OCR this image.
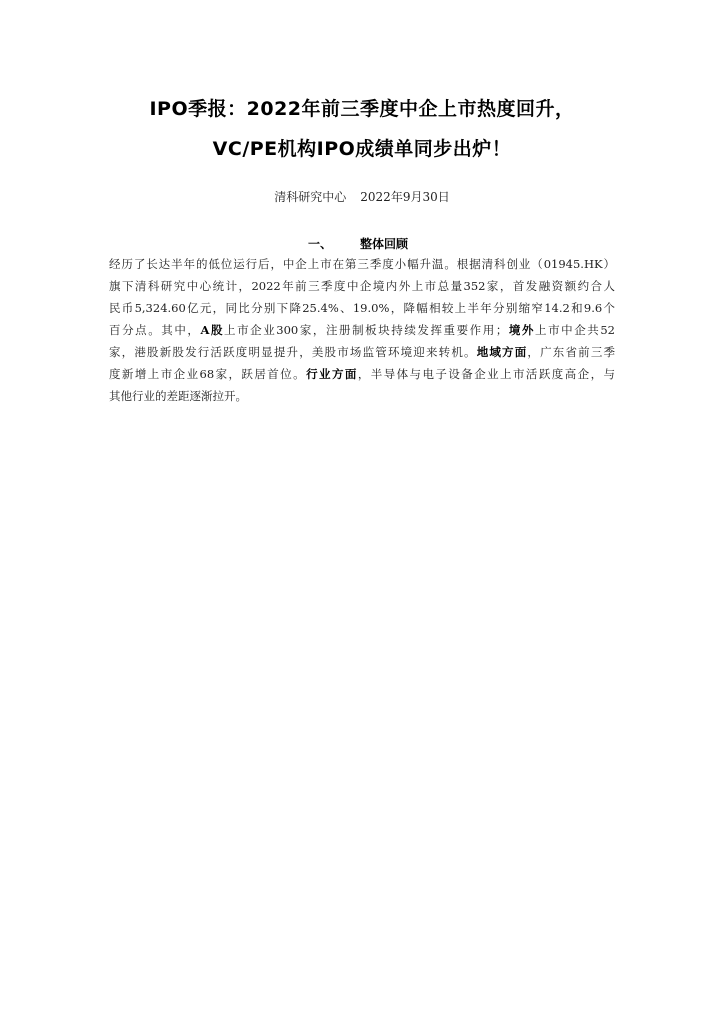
IPO季报：2022年前三季度中企上市热度回升，
VC/PE机构IPO成绩单同步出炉！
清科研究中心 2022年9月30日
一、 整体回顾
经历了长达半年的低位运行后，中企上市在第三季度小幅升温。根据清科创业（01945.HK）
旗下清科研究中心统计，2022年前三季度中企境内外上市总量352家，首发融资额约合人
民币5,324.60亿元，同比分别下降25.4%、19.0%，降幅相较上半年分别缩窄14.2和9.6个
百分点。其中，A股上市企业300家，注册制板块持续发挥重要作用；境外上市中企共52
家，港股新股发行活跃度明显提升，美股市场监管环境迎来转机。地域方面，广东省前三季
度新增上市企业68家，跃居首位。行业方面，半导体与电子设备企业上市活跃度高企，与
其他行业的差距逐渐拉开。
